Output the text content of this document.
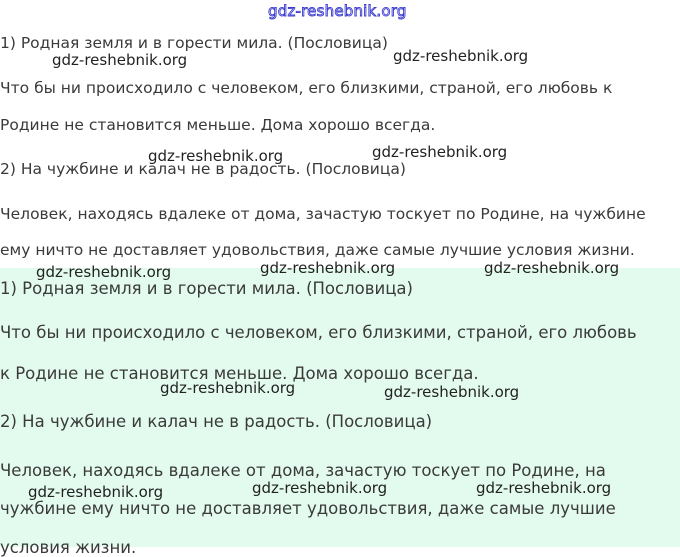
gdz-reshebnik.org
1) Родная земля и в горести мила. (Пословица)
Что бы ни происходило с человеком, его близкими, страной, его любовь к
Родине не становится меньше. Дома хорошо всегда.
2) На чужбине и калач не в радость. (Пословица)
Человек, находясь вдалеке от дома, зачастую тоскует по Родине, на чужбине
ему ничто не доставляет удовольствия, даже самые лучшие условия жизни.
1) Родная земля и в горести мила. (Пословица)
Что бы ни происходило с человеком, его близкими, страной, его любовь
к Родине не становится меньше. Дома хорошо всегда.
2) На чужбине и калач не в радость. (Пословица)
Человек, находясь вдалеке от дома, зачастую тоскует по Родине, на
чужбине ему ничто не доставляет удовольствия, даже самые лучшие
условия жизни.
gdz-reshebnik.org	gdz-reshebnik.org
gdz-reshebnik.org	gdz-reshebnik.org
gdz-reshebnik.org	gdz-reshebnik.org	gdz-reshebnik.org
gdz-reshebnik.org	gdz-reshebnik.org
gdz-reshebnik.org	gdz-reshebnik.org	gdz-reshebnik.org
